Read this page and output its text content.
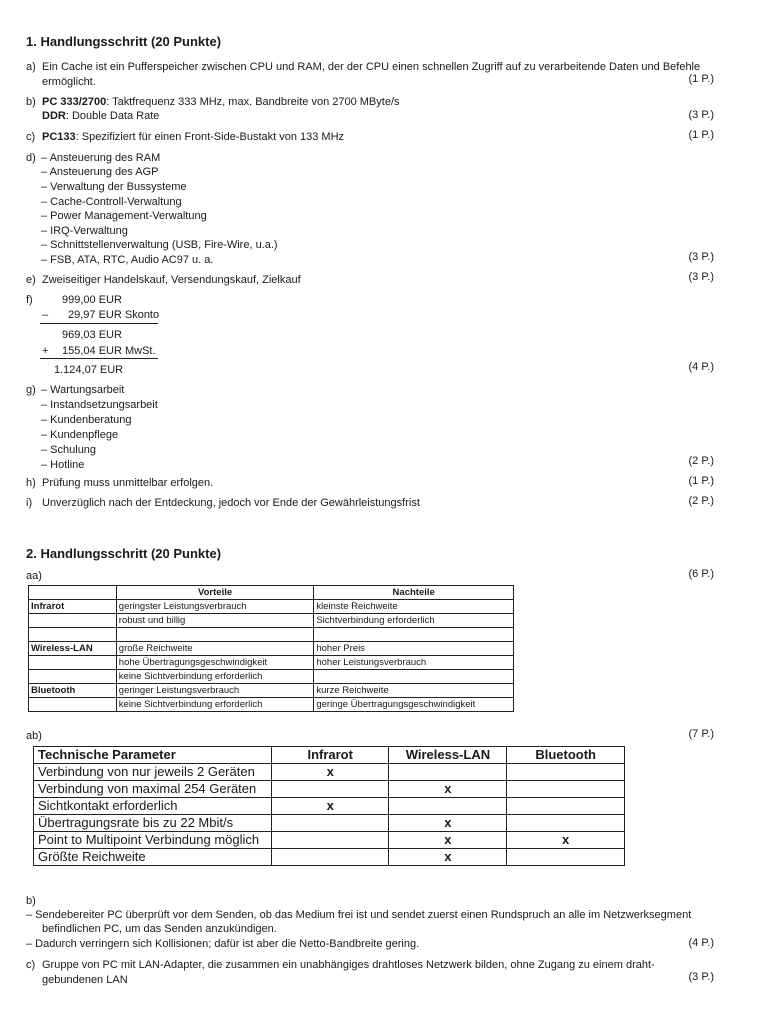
1. Handlungsschritt (20 Punkte)
a) Ein Cache ist ein Pufferspeicher zwischen CPU und RAM, der der CPU einen schnellen Zugriff auf zu verarbeitende Daten und Befehle
ermöglicht.	(1 P.)
b) PC 333/2700: Taktfrequenz 333 MHz, max. Bandbreite von 2700 MByte/s
DDR: Double Data Rate	(3 P.)
c) PC133: Spezifiziert für einen Front-Side-Bustakt von 133 MHz	(1 P.)
d) – Ansteuerung des RAM
– Ansteuerung des AGP
– Verwaltung der Bussysteme
– Cache-Controll-Verwaltung
– Power Management-Verwaltung
– IRQ-Verwaltung
– Schnittstellenverwaltung (USB, Fire-Wire, u.a.)
– FSB, ATA, RTC, Audio AC97 u. a.	(3 P.)
e) Zweiseitiger Handelskauf, Versendungskauf, Zielkauf	(3 P.)
f)	999,00 EUR
– 29,97 EUR Skonto
969,03 EUR
+ 155,04 EUR MwSt.
1.124,07 EUR	(4 P.)
g) – Wartungsarbeit
– Instandsetzungsarbeit
– Kundenberatung
– Kundenpflege
– Schulung
– Hotline	(2 P.)
h) Prüfung muss unmittelbar erfolgen.	(1 P.)
i) Unverzüglich nach der Entdeckung, jedoch vor Ende der Gewährleistungsfrist	(2 P.)
2. Handlungsschritt (20 Punkte)
aa)	(6 P.)
	Vorteile	Nachteile
Infrarot	geringster Leistungsverbrauch	kleinste Reichweite
	robust und billig	Sichtverbindung erforderlich

Wireless-LAN	große Reichweite	hoher Preis
	hohe Übertragungsgeschwindigkeit	hoher Leistungsverbrauch
	keine Sichtverbindung erforderlich	
Bluetooth	geringer Leistungsverbrauch	kurze Reichweite
	keine Sichtverbindung erforderlich	geringe Übertragungsgeschwindigkeit
ab)	(7 P.)
Technische Parameter	Infrarot	Wireless-LAN	Bluetooth
Verbindung von nur jeweils 2 Geräten	x		
Verbindung von maximal 254 Geräten		x	
Sichtkontakt erforderlich	x		
Übertragungsrate bis zu 22 Mbit/s		x	
Point to Multipoint Verbindung möglich		x	x
Größte Reichweite		x	
b)
– Sendebereiter PC überprüft vor dem Senden, ob das Medium frei ist und sendet zuerst einen Rundspruch an alle im Netzwerksegment
befindlichen PC, um das Senden anzukündigen.
– Dadurch verringern sich Kollisionen; dafür ist aber die Netto-Bandbreite gering.	(4 P.)
c) Gruppe von PC mit LAN-Adapter, die zusammen ein unabhängiges drahtloses Netzwerk bilden, ohne Zugang zu einem draht-
gebundenen LAN	(3 P.)
